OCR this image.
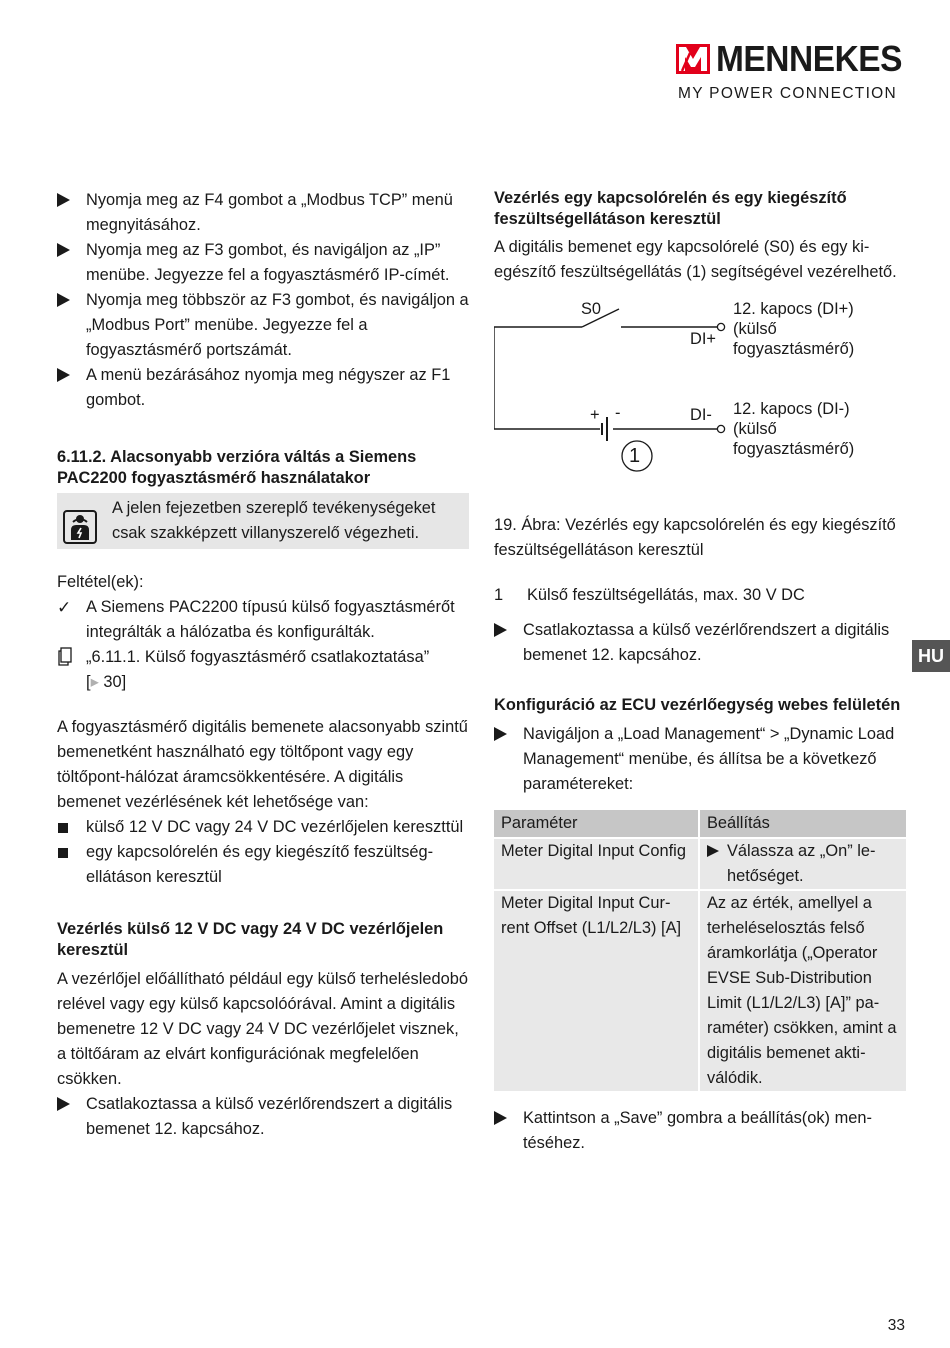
MENNEKES
MY POWER CONNECTION
Nyomja meg az F4 gombot a „Modbus TCP” menü megnyitásához.
Nyomja meg az F3 gombot, és navigáljon az „IP” menübe. Jegyezze fel a fogyasztásmérő IP-címét.
Nyomja meg többször az F3 gombot, és navigáljon a „Modbus Port” menübe. Jegyezze fel a fogyasztásmérő portszámát.
A menü bezárásához nyomja meg négyszer az F1 gombot.
6.11.2. Alacsonyabb verzióra váltás a Siemens PAC2200 fogyasztásmérő használatakor

A jelen fejezetben szereplő tevékenységeket csak szakképzett villanyszerelő végezheti.

Feltétel(ek):

✓ A Siemens PAC2200 típusú külső fogyasztásmérőt integrálták a hálózatba és konfigurálták.
„6.11.1. Külső fogyasztásmérő csatlakoztatása”
[▸ 30]

A fogyasztásmérő digitális bemenete alacsonyabb szintű bemenetként használható egy töltőpont vagy egy töltőpont-hálózat áramcsökkentésére. A digitális bemenet vezérlésének két lehetősége van:

külső 12 V DC vagy 24 V DC vezérlőjelen kereszttül
egy kapcsolórelén és egy kiegészítő feszültségellátáson keresztül
Vezérlés külső 12 V DC vagy 24 V DC vezérlőjelen keresztül

A vezérlőjel előállítható például egy külső terhelésledobó relével vagy egy külső kapcsolóórával. Amint a digitális bemenetre 12 V DC vagy 24 V DC vezérlőjelet visznek, a töltőáram az elvárt konfigurációnak megfelelően csökken.

Csatlakoztassa a külső vezérlőrendszert a digitális bemenet 12. kapcsához.
Vezérlés egy kapcsolórelén és egy kiegészítő feszültségellátáson keresztül

A digitális bemenet egy kapcsolórelé (S0) és egy kiegészítő feszültségellátás (1) segítségével vezérelhető.

S0
DI+
DI-
+ -
1
12. kapocs (DI+)
(külső
fogyasztásmérő)
12. kapocs (DI-)
(külső
fogyasztásmérő)

19. Ábra: Vezérlés egy kapcsolórelén és egy kiegészítő feszültségellátáson keresztül

1 Külső feszültségellátás, max. 30 V DC
Csatlakoztassa a külső vezérlőrendszert a digitális bemenet 12. kapcsához.
Konfiguráció az ECU vezérlőegység webes felületén
Navigáljon a „Load Management“ > „Dynamic Load Management“ menübe, és állítsa be a következő paramétereket:
Paraméter	Beállítás
Meter Digital Input Config	Válassza az „On” lehetőséget.

Meter Digital Input Current Offset (L1/L2/L3) [A]	Az az érték, amellyel a terheléselosztás felső áramkorlátja („Operator EVSE Sub-Distribution Limit (L1/L2/L3) [A]” paraméter) csökken, amint a digitális bemenet aktiválódik.
Kattintson a „Save” gombra a beállítás(ok) mentéséhez.
HU
33
